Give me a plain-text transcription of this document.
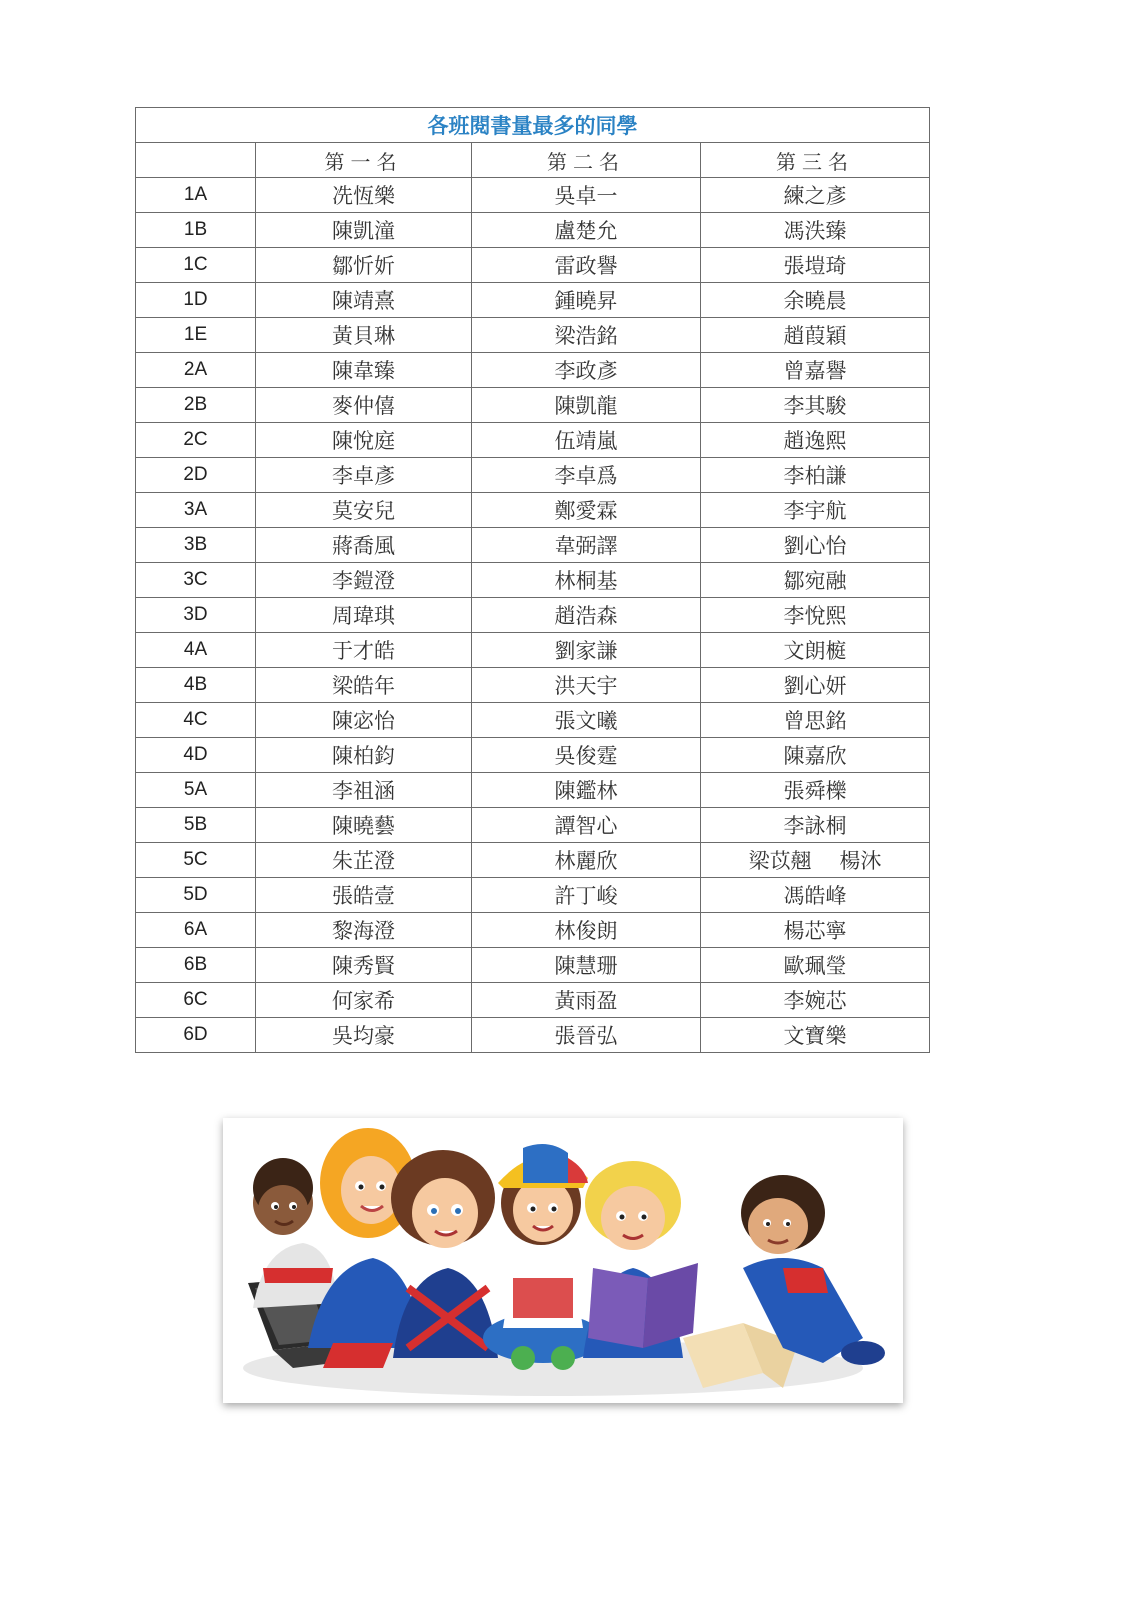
各班閱書量最多的同學			
	第一名	第二名	第三名
1A	冼恆樂	吳卓一	練之彥
1B	陳凱潼	盧楚允	馮泆臻
1C	鄒忻妡	雷政譽	張塏琦
1D	陳靖熹	鍾曉昇	余曉晨
1E	黃貝琳	梁浩銘	趙葭穎
2A	陳韋臻	李政彥	曾嘉譽
2B	麥仲僖	陳凱龍	李其駿
2C	陳悅庭	伍靖嵐	趙逸熙
2D	李卓彥	李卓爲	李柏謙
3A	莫安兒	鄭愛霖	李宇航
3B	蔣喬風	韋弼譯	劉心怡
3C	李鎧澄	林桐基	鄒宛融
3D	周瑋琪	趙浩森	李悅熙
4A	于才皓	劉家謙	文朗榳
4B	梁皓年	洪天宇	劉心妍
4C	陳宓怡	張文曦	曾思銘
4D	陳柏鈞	吳俊霆	陳嘉欣
5A	李祖涵	陳鑑林	張舜櫟
5B	陳曉藝	譚智心	李詠桐
5C	朱芷澄	林麗欣	梁苡翹　 楊沐
5D	張皓壹	許丁峻	馮皓峰
6A	黎海澄	林俊朗	楊芯寧
6B	陳秀賢	陳慧珊	歐珮瑩
6C	何家希	黃雨盈	李婉芯
6D	吳均豪	張晉弘	文寶樂
